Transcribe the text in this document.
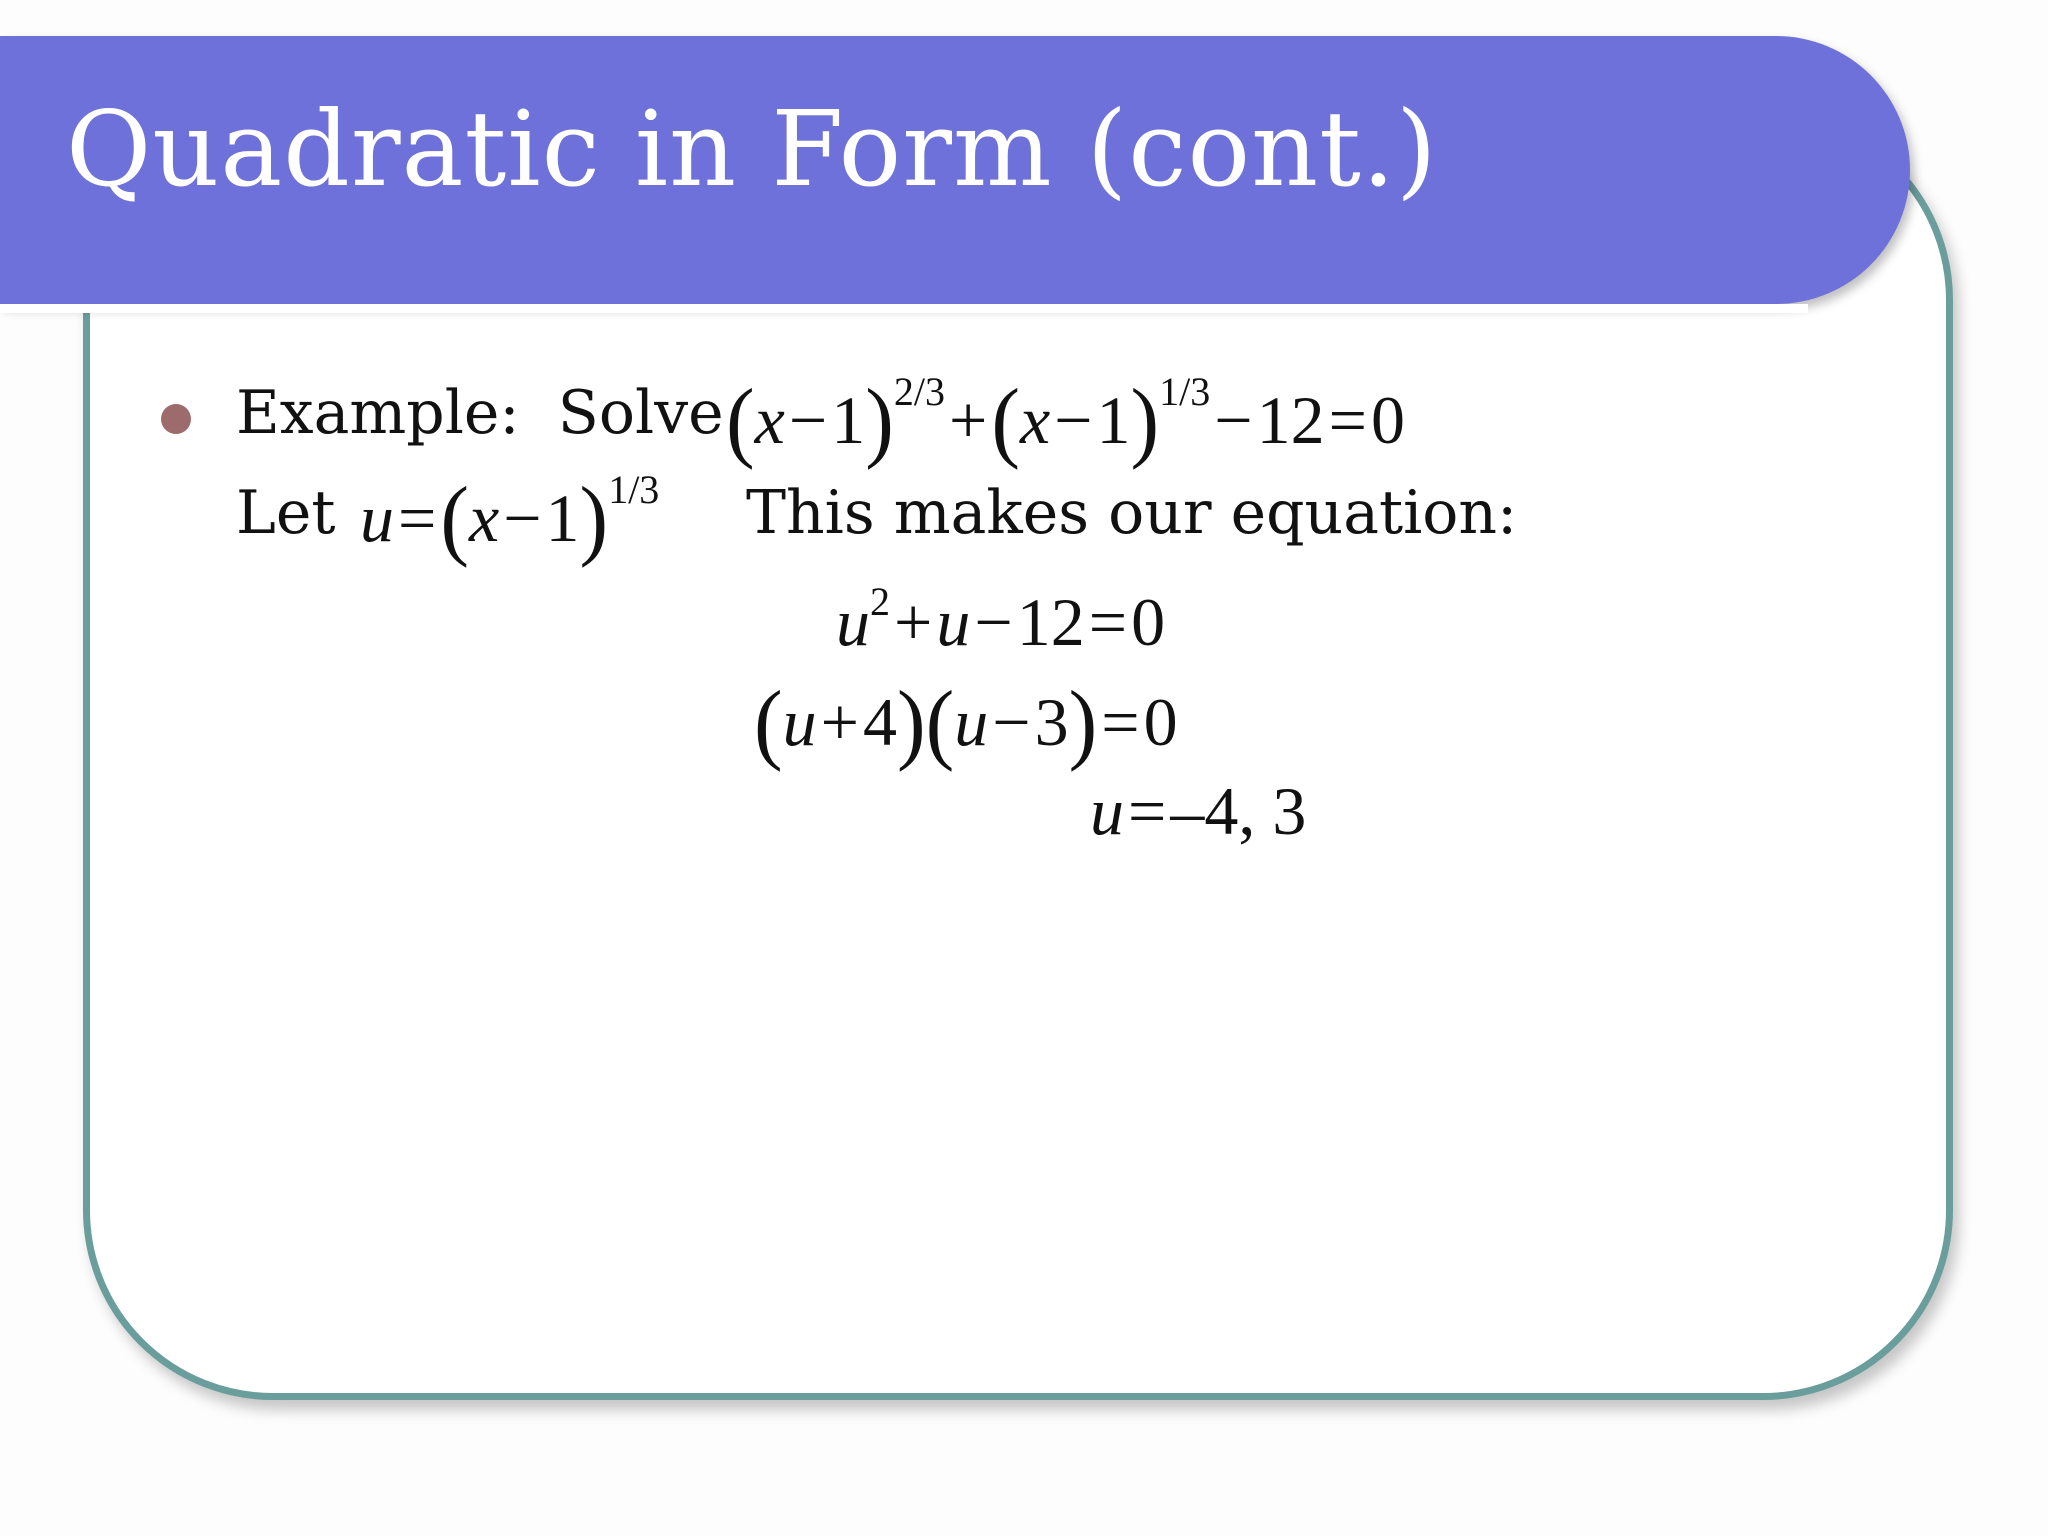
Quadratic in Form (cont.)
Example: Solve $(x-1)^{2/3}+(x-1)^{1/3}-12=0$
Let $u=(x-1)^{1/3}$ This makes our equation:
$u^2+u-12=0$
(u+4)(u−3)=0
u=–4, 3
